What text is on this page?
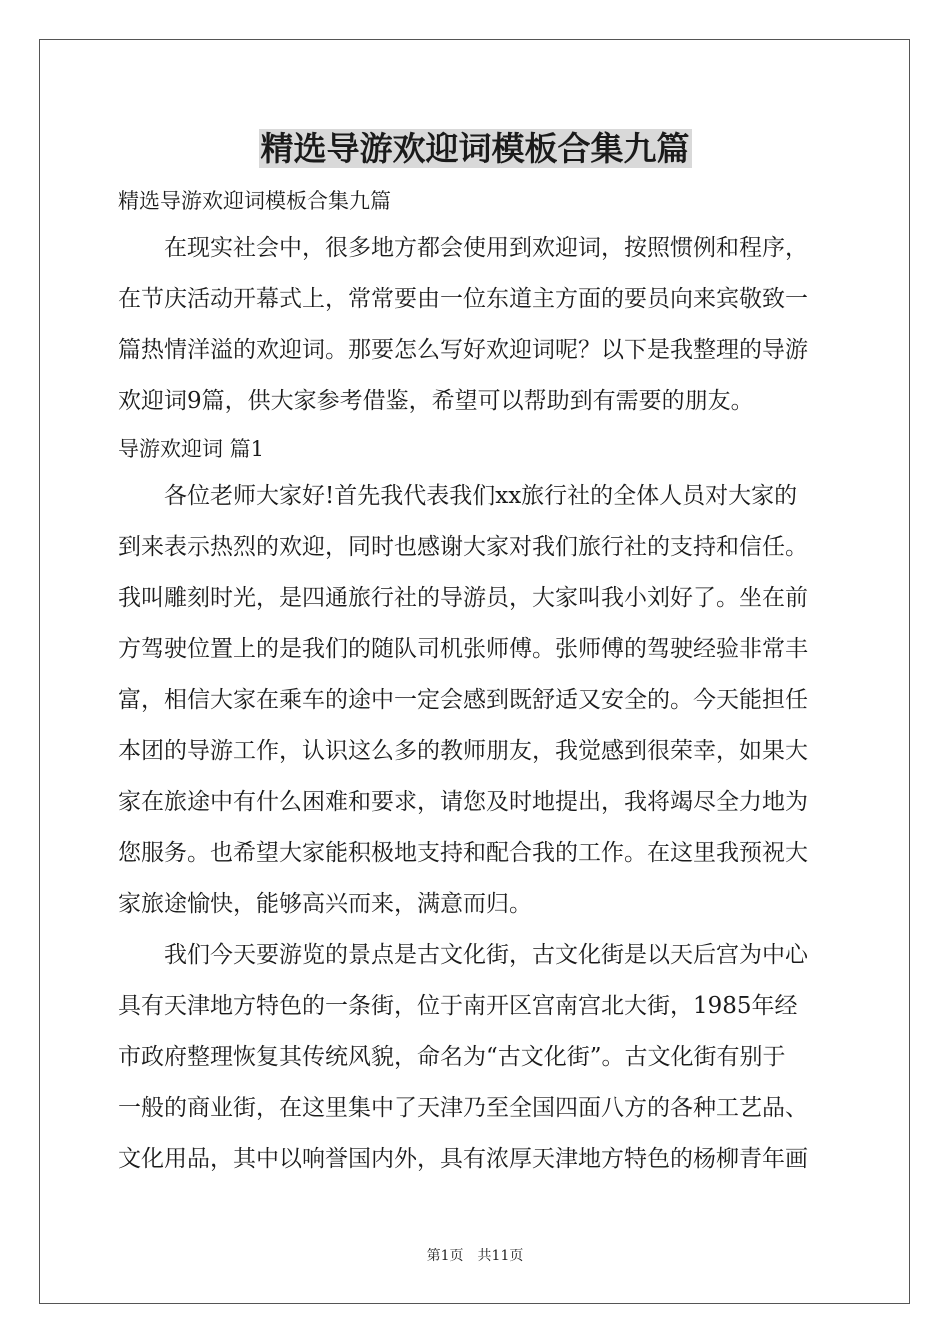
精选导游欢迎词模板合集九篇
精选导游欢迎词模板合集九篇
　　在现实社会中，很多地方都会使用到欢迎词，按照惯例和程序，
在节庆活动开幕式上，常常要由一位东道主方面的要员向来宾敬致一
篇热情洋溢的欢迎词。那要怎么写好欢迎词呢？以下是我整理的导游
欢迎词9篇，供大家参考借鉴，希望可以帮助到有需要的朋友。
导游欢迎词 篇1
　　各位老师大家好!首先我代表我们xx旅行社的全体人员对大家的
到来表示热烈的欢迎，同时也感谢大家对我们旅行社的支持和信任。
我叫雕刻时光，是四通旅行社的导游员，大家叫我小刘好了。坐在前
方驾驶位置上的是我们的随队司机张师傅。张师傅的驾驶经验非常丰
富，相信大家在乘车的途中一定会感到既舒适又安全的。今天能担任
本团的导游工作，认识这么多的教师朋友，我觉感到很荣幸，如果大
家在旅途中有什么困难和要求，请您及时地提出，我将竭尽全力地为
您服务。也希望大家能积极地支持和配合我的工作。在这里我预祝大
家旅途愉快，能够高兴而来，满意而归。
　　我们今天要游览的景点是古文化街，古文化街是以天后宫为中心
具有天津地方特色的一条街，位于南开区宫南宫北大街，1985年经
市政府整理恢复其传统风貌，命名为“古文化街”。古文化街有别于
一般的商业街，在这里集中了天津乃至全国四面八方的各种工艺品、
文化用品，其中以响誉国内外，具有浓厚天津地方特色的杨柳青年画
第1页　共11页
